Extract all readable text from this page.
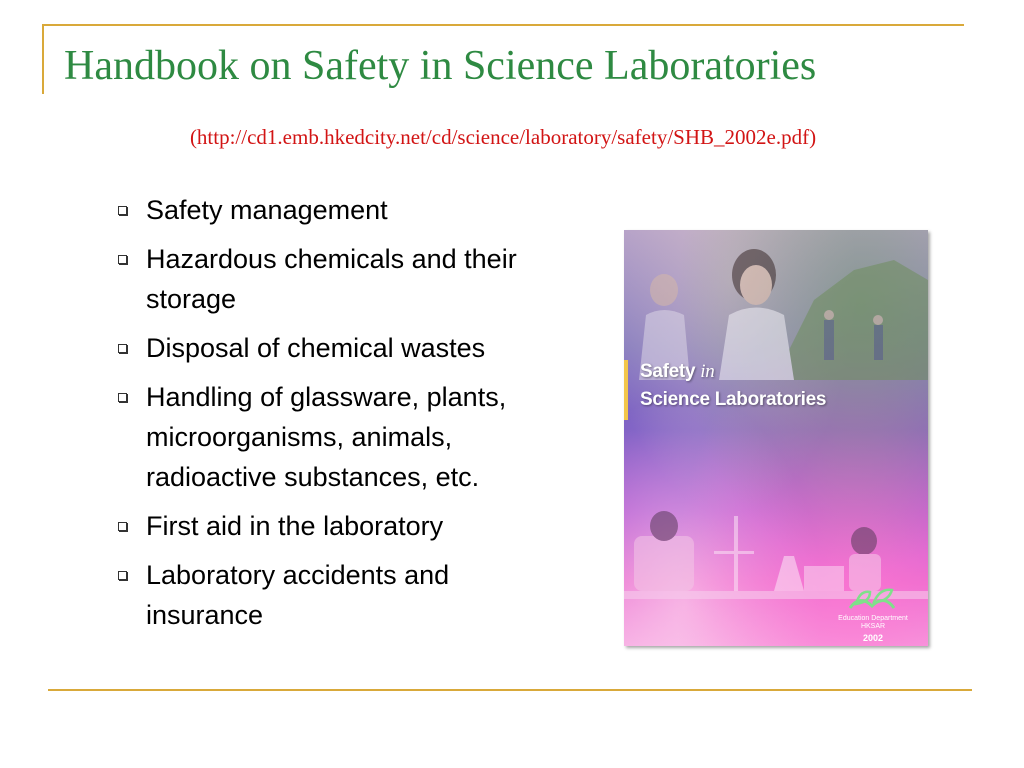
Handbook on Safety in Science Laboratories
(http://cd1.emb.hkedcity.net/cd/science/laboratory/safety/SHB_2002e.pdf)
Safety management
Hazardous chemicals and their storage
Disposal of chemical wastes
Handling of glassware, plants, microorganisms, animals, radioactive substances, etc.
First aid in the laboratory
Laboratory accidents and insurance
Safety in
Science Laboratories
Education Department
HKSAR
2002
